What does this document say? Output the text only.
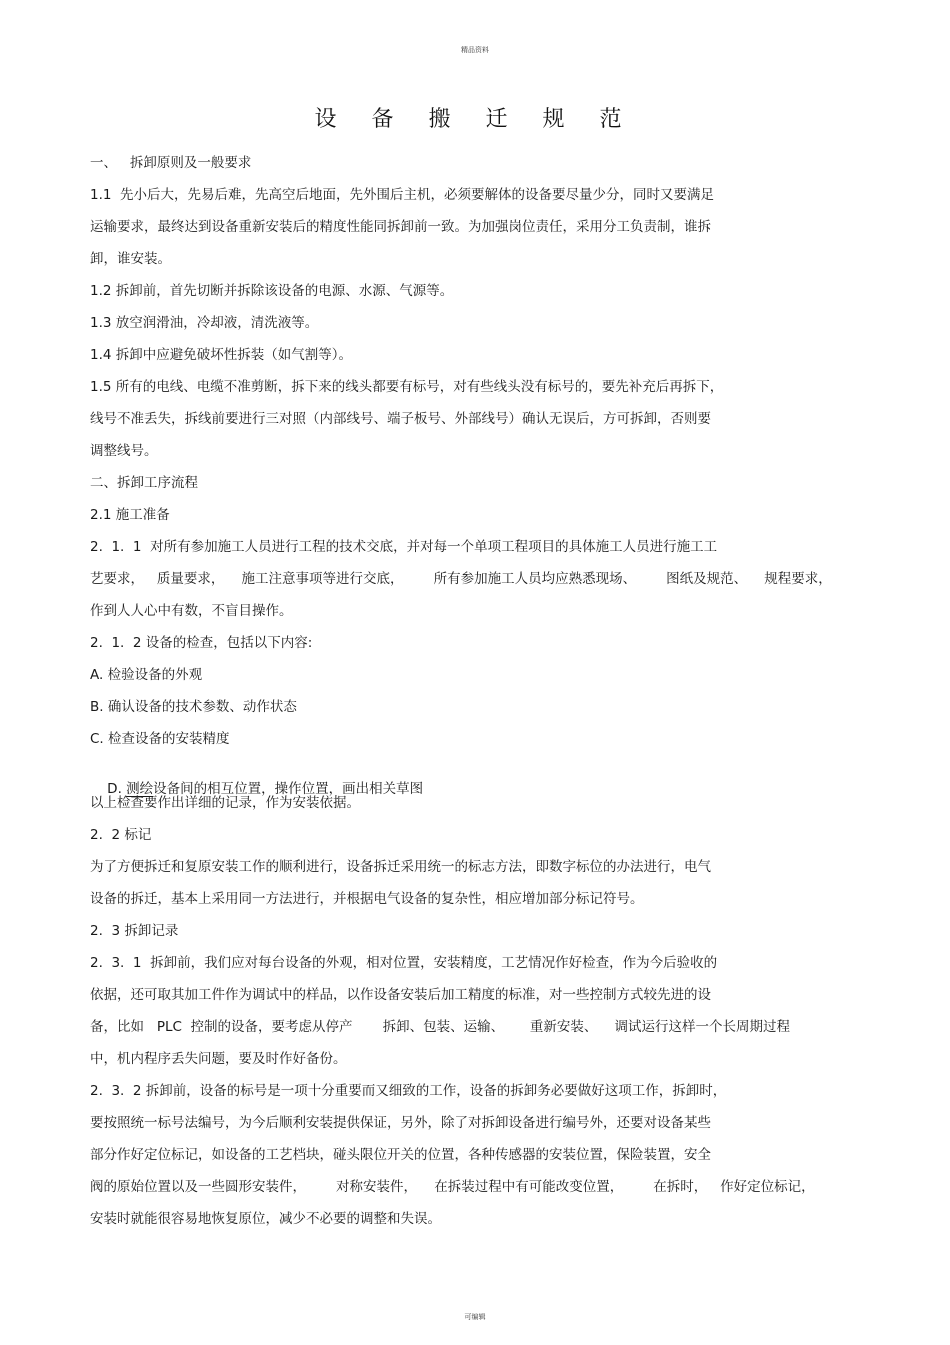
精品资料
设 备 搬 迁 规 范
一、   拆卸原则及一般要求
1.1  先小后大，先易后难，先高空后地面，先外围后主机，必须要解体的设备要尽量少分，同时又要满足
运输要求，最终达到设备重新安装后的精度性能同拆卸前一致。为加强岗位责任，采用分工负责制，谁拆
卸，谁安装。
1.2 拆卸前，首先切断并拆除该设备的电源、水源、气源等。
1.3 放空润滑油，冷却液，清洗液等。
1.4 拆卸中应避免破坏性拆装（如气割等）。
1.5 所有的电线、电缆不准剪断，拆下来的线头都要有标号，对有些线头没有标号的，要先补充后再拆下，
线号不准丢失，拆线前要进行三对照（内部线号、端子板号、外部线号）确认无误后，方可拆卸，否则要
调整线号。
二、拆卸工序流程
2.1 施工准备
2.  1.  1  对所有参加施工人员进行工程的技术交底，并对每一个单项工程项目的具体施工人员进行施工工
艺要求，   质量要求，    施工注意事项等进行交底，       所有参加施工人员均应熟悉现场、       图纸及规范、    规程要求，
作到人人心中有数，不盲目操作。
2.  1.  2 设备的检查，包括以下内容:
A. 检验设备的外观
B. 确认设备的技术参数、动作状态
C. 检查设备的安装精度

D. 测绘设备间的相互位置，操作位置，画出相关草图

以上检查要作出详细的记录，作为安装依据。
2.  2 标记
为了方便拆迁和复原安装工作的顺利进行，设备拆迁采用统一的标志方法，即数字标位的办法进行，电气
设备的拆迁，基本上采用同一方法进行，并根据电气设备的复杂性，相应增加部分标记符号。
2.  3 拆卸记录
2.  3.  1  拆卸前，我们应对每台设备的外观，相对位置，安装精度，工艺情况作好检查，作为今后验收的
依据，还可取其加工件作为调试中的样品，以作设备安装后加工精度的标准，对一些控制方式较先进的设
备，比如   PLC  控制的设备，要考虑从停产       拆卸、包装、运输、      重新安装、    调试运行这样一个长周期过程
中，机内程序丢失问题，要及时作好备份。
2.  3.  2 拆卸前，设备的标号是一项十分重要而又细致的工作，设备的拆卸务必要做好这项工作，拆卸时，
要按照统一标号法编号，为今后顺利安装提供保证，另外，除了对拆卸设备进行编号外，还要对设备某些
部分作好定位标记，如设备的工艺档块，碰头限位开关的位置，各种传感器的安装位置，保险装置，安全
阀的原始位置以及一些圆形安装件，       对称安装件，    在拆装过程中有可能改变位置，       在拆时，   作好定位标记，
安装时就能很容易地恢复原位，减少不必要的调整和失误。
可编辑
